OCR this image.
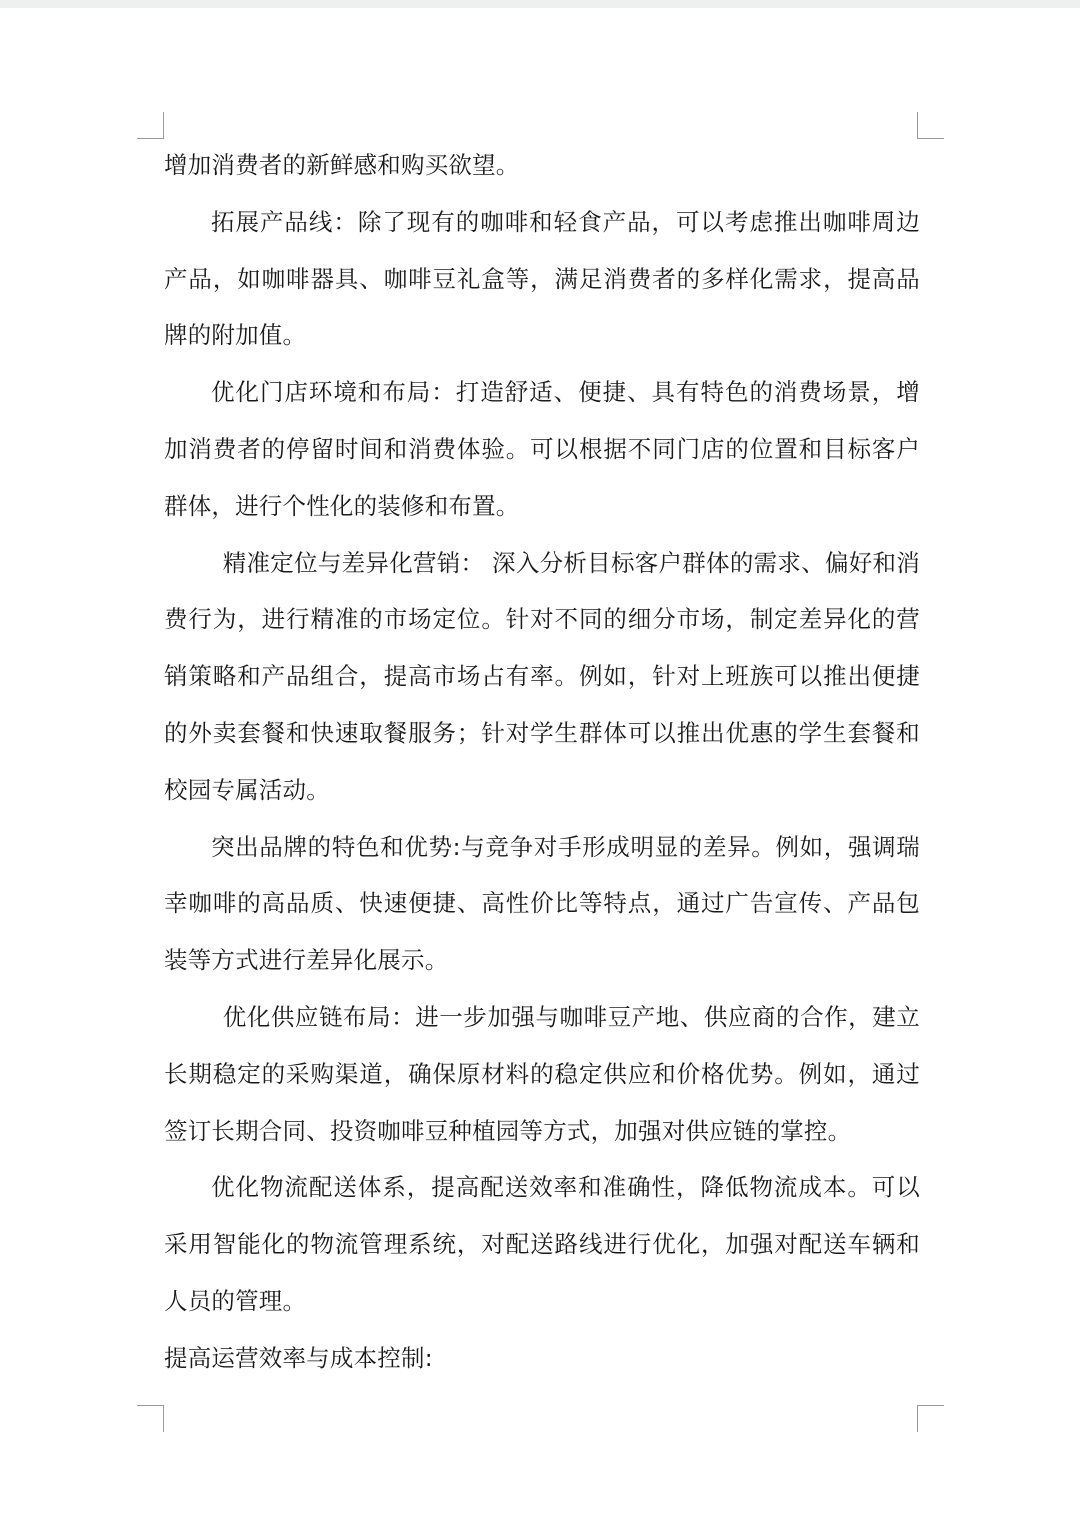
增加消费者的新鲜感和购买欲望。

拓展产品线：除了现有的咖啡和轻食产品，可以考虑推出咖啡周边产品，如咖啡器具、咖啡豆礼盒等，满足消费者的多样化需求，提高品牌的附加值。

优化门店环境和布局：打造舒适、便捷、具有特色的消费场景，增加消费者的停留时间和消费体验。可以根据不同门店的位置和目标客户群体，进行个性化的装修和布置。

精准定位与差异化营销： 深入分析目标客户群体的需求、偏好和消费行为，进行精准的市场定位。针对不同的细分市场，制定差异化的营销策略和产品组合，提高市场占有率。例如，针对上班族可以推出便捷的外卖套餐和快速取餐服务；针对学生群体可以推出优惠的学生套餐和校园专属活动。

突出品牌的特色和优势:与竞争对手形成明显的差异。例如，强调瑞幸咖啡的高品质、快速便捷、高性价比等特点，通过广告宣传、产品包装等方式进行差异化展示。

优化供应链布局：进一步加强与咖啡豆产地、供应商的合作，建立长期稳定的采购渠道，确保原材料的稳定供应和价格优势。例如，通过签订长期合同、投资咖啡豆种植园等方式，加强对供应链的掌控。

优化物流配送体系，提高配送效率和准确性，降低物流成本。可以采用智能化的物流管理系统，对配送路线进行优化，加强对配送车辆和人员的管理。

提高运营效率与成本控制:
